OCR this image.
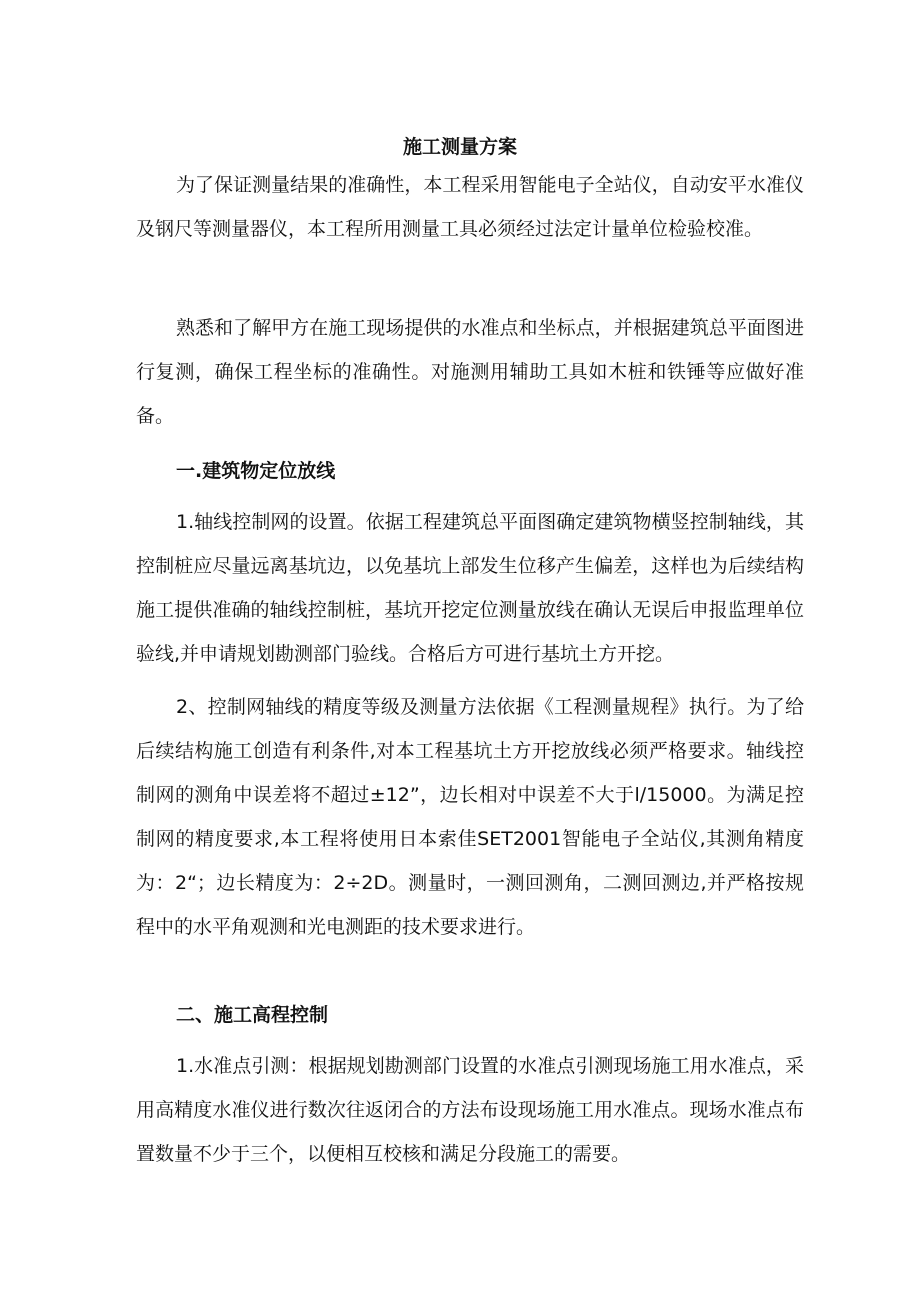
施工测量方案

为了保证测量结果的准确性，本工程采用智能电子全站仪，自动安平水准仪及钢尺等测量器仪，本工程所用测量工具必须经过法定计量单位检验校准。

熟悉和了解甲方在施工现场提供的水准点和坐标点，并根据建筑总平面图进行复测，确保工程坐标的准确性。对施测用辅助工具如木桩和铁锤等应做好准备。

一.建筑物定位放线

1.轴线控制网的设置。依据工程建筑总平面图确定建筑物横竖控制轴线，其控制桩应尽量远离基坑边，以免基坑上部发生位移产生偏差，这样也为后续结构施工提供准确的轴线控制桩，基坑开挖定位测量放线在确认无误后申报监理单位验线,并申请规划勘测部门验线。合格后方可进行基坑土方开挖。

2、控制网轴线的精度等级及测量方法依据《工程测量规程》执行。为了给后续结构施工创造有利条件,对本工程基坑土方开挖放线必须严格要求。轴线控制网的测角中误差将不超过±12”，边长相对中误差不大于l∕15000。为满足控制网的精度要求,本工程将使用日本索佳SET2001智能电子全站仪,其测角精度为：2“；边长精度为：2÷2D。测量时，一测回测角，二测回测边,并严格按规程中的水平角观测和光电测距的技术要求进行。

二、施工高程控制

1.水准点引测：根据规划勘测部门设置的水准点引测现场施工用水准点，采用高精度水准仪进行数次往返闭合的方法布设现场施工用水准点。现场水准点布置数量不少于三个，以便相互校核和满足分段施工的需要。
